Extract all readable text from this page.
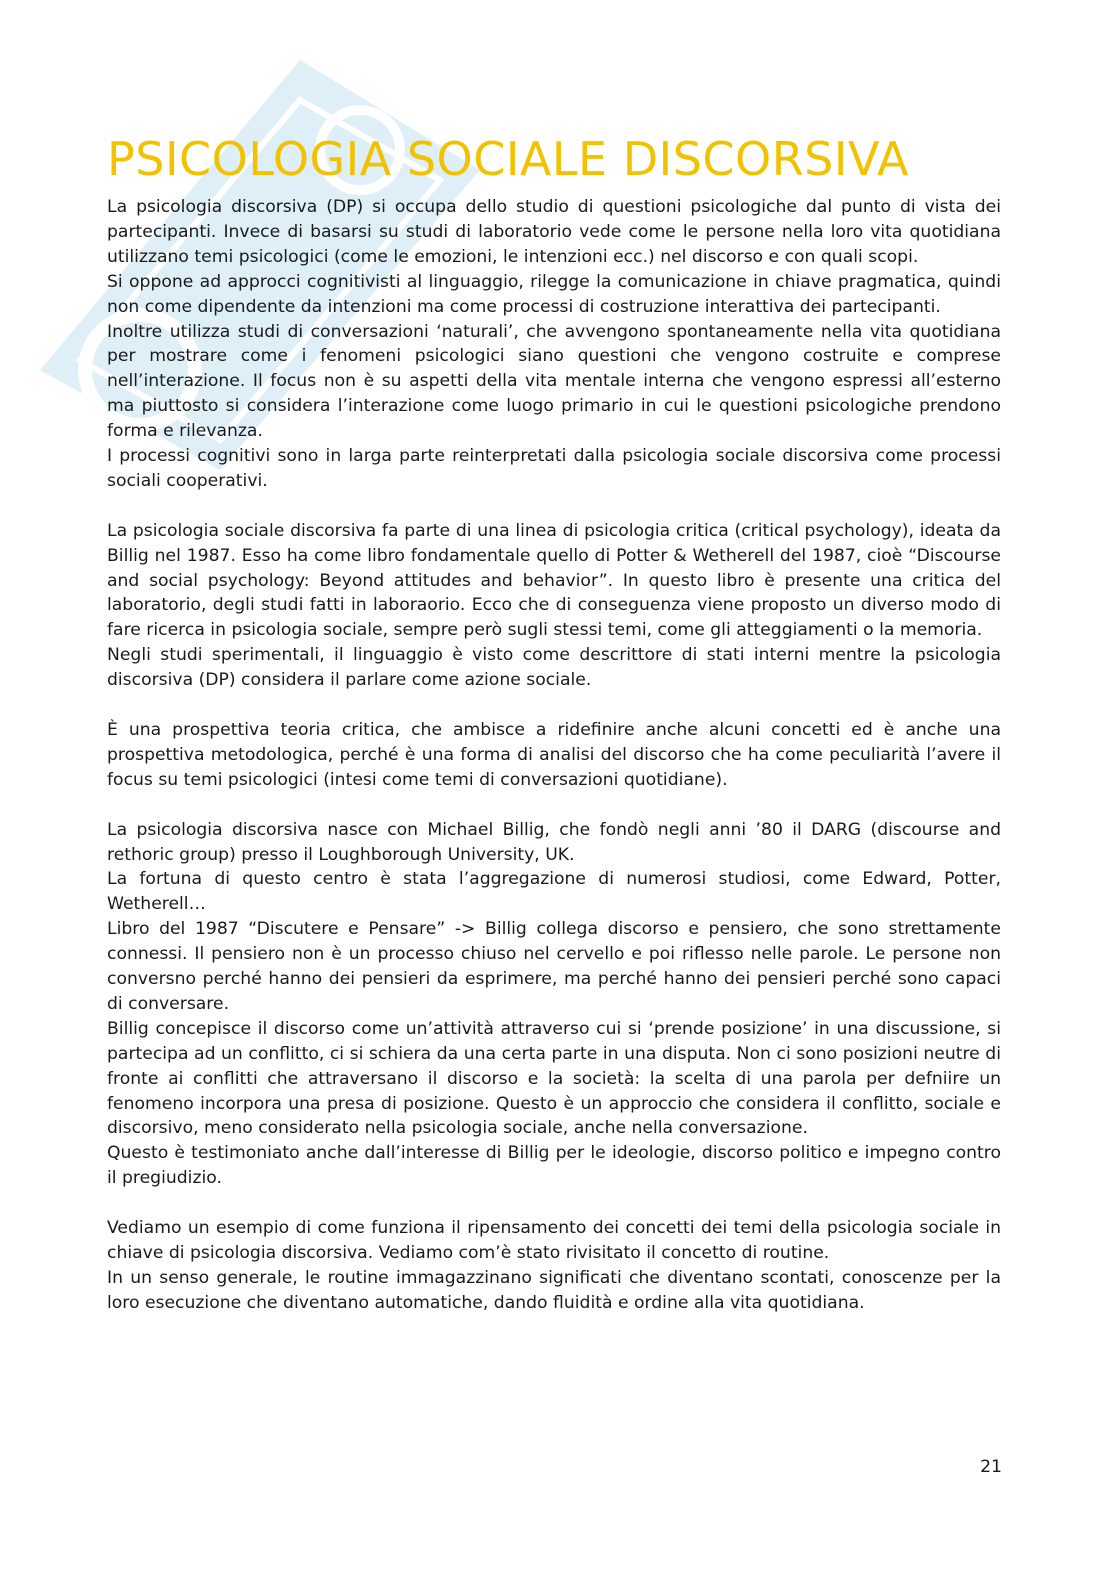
PSICOLOGIA SOCIALE DISCORSIVA

La psicologia discorsiva (DP) si occupa dello studio di questioni psicologiche dal punto di vista dei partecipanti. Invece di basarsi su studi di laboratorio vede come le persone nella loro vita quotidiana utilizzano temi psicologici (come le emozioni, le intenzioni ecc.) nel discorso e con quali scopi.

Si oppone ad approcci cognitivisti al linguaggio, rilegge la comunicazione in chiave pragmatica, quindi non come dipendente da intenzioni ma come processi di costruzione interattiva dei partecipanti.

Inoltre utilizza studi di conversazioni ‘naturali’, che avvengono spontaneamente nella vita quotidiana per mostrare come i fenomeni psicologici siano questioni che vengono costruite e comprese nell’interazione. Il focus non è su aspetti della vita mentale interna che vengono espressi all’esterno ma piuttosto si considera l’interazione come luogo primario in cui le questioni psicologiche prendono forma e rilevanza.

I processi cognitivi sono in larga parte reinterpretati dalla psicologia sociale discorsiva come processi sociali cooperativi.

La psicologia sociale discorsiva fa parte di una linea di psicologia critica (critical psychology), ideata da Billig nel 1987. Esso ha come libro fondamentale quello di Potter & Wetherell del 1987, cioè “Discourse and social psychology: Beyond attitudes and behavior”. In questo libro è presente una critica del laboratorio, degli studi fatti in laboraorio. Ecco che di conseguenza viene proposto un diverso modo di fare ricerca in psicologia sociale, sempre però sugli stessi temi, come gli atteggiamenti o la memoria.

Negli studi sperimentali, il linguaggio è visto come descrittore di stati interni mentre la psicologia discorsiva (DP) considera il parlare come azione sociale.

È una prospettiva teoria critica, che ambisce a ridefinire anche alcuni concetti ed è anche una prospettiva metodologica, perché è una forma di analisi del discorso che ha come peculiarità l’avere il focus su temi psicologici (intesi come temi di conversazioni quotidiane).

La psicologia discorsiva nasce con Michael Billig, che fondò negli anni ’80 il DARG (discourse and rethoric group) presso il Loughborough University, UK.

La fortuna di questo centro è stata l’aggregazione di numerosi studiosi, come Edward, Potter, Wetherell…

Libro del 1987 “Discutere e Pensare” -> Billig collega discorso e pensiero, che sono strettamente connessi. Il pensiero non è un processo chiuso nel cervello e poi riflesso nelle parole. Le persone non conversno perché hanno dei pensieri da esprimere, ma perché hanno dei pensieri perché sono capaci di conversare.

Billig concepisce il discorso come un’attività attraverso cui si ‘prende posizione’ in una discussione, si partecipa ad un conflitto, ci si schiera da una certa parte in una disputa. Non ci sono posizioni neutre di fronte ai conflitti che attraversano il discorso e la società: la scelta di una parola per defniire un fenomeno incorpora una presa di posizione. Questo è un approccio che considera il conflitto, sociale e discorsivo, meno considerato nella psicologia sociale, anche nella conversazione.

Questo è testimoniato anche dall’interesse di Billig per le ideologie, discorso politico e impegno contro il pregiudizio.

Vediamo un esempio di come funziona il ripensamento dei concetti dei temi della psicologia sociale in chiave di psicologia discorsiva. Vediamo com’è stato rivisitato il concetto di routine.

In un senso generale, le routine immagazzinano significati che diventano scontati, conoscenze per la loro esecuzione che diventano automatiche, dando fluidità e ordine alla vita quotidiana.

21
